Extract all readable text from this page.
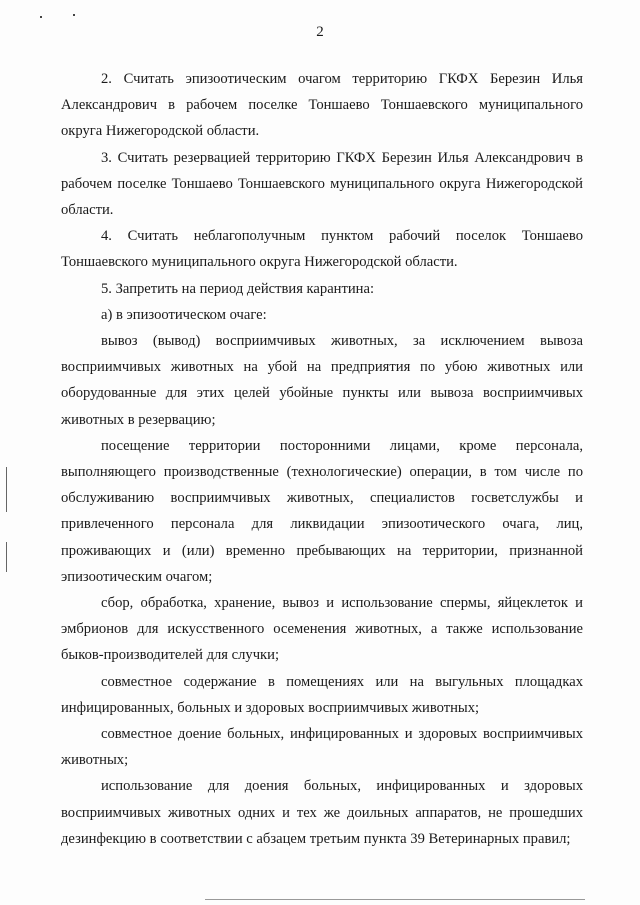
2

2. Считать эпизоотическим очагом территорию ГКФХ Березин Илья Александрович в рабочем поселке Тоншаево Тоншаевского муниципального округа Нижегородской области.

3. Считать резервацией территорию ГКФХ Березин Илья Александрович в рабочем поселке Тоншаево Тоншаевского муниципального округа Нижегородской области.

4. Считать неблагополучным пунктом рабочий поселок Тоншаево Тоншаевского муниципального округа Нижегородской области.

5. Запретить на период действия карантина:

а) в эпизоотическом очаге:

вывоз (вывод) восприимчивых животных, за исключением вывоза восприимчивых животных на убой на предприятия по убою животных или оборудованные для этих целей убойные пункты или вывоза восприимчивых животных в резервацию;

посещение территории посторонними лицами, кроме персонала, выполняющего производственные (технологические) операции, в том числе по обслуживанию восприимчивых животных, специалистов госветслужбы и привлеченного персонала для ликвидации эпизоотического очага, лиц, проживающих и (или) временно пребывающих на территории, признанной эпизоотическим очагом;

сбор, обработка, хранение, вывоз и использование спермы, яйцеклеток и эмбрионов для искусственного осеменения животных, а также использование быков-производителей для случки;

совместное содержание в помещениях или на выгульных площадках инфицированных, больных и здоровых восприимчивых животных;

совместное доение больных, инфицированных и здоровых восприимчивых животных;

использование для доения больных, инфицированных и здоровых восприимчивых животных одних и тех же доильных аппаратов, не прошедших дезинфекцию в соответствии с абзацем третьим пункта 39 Ветеринарных правил;
